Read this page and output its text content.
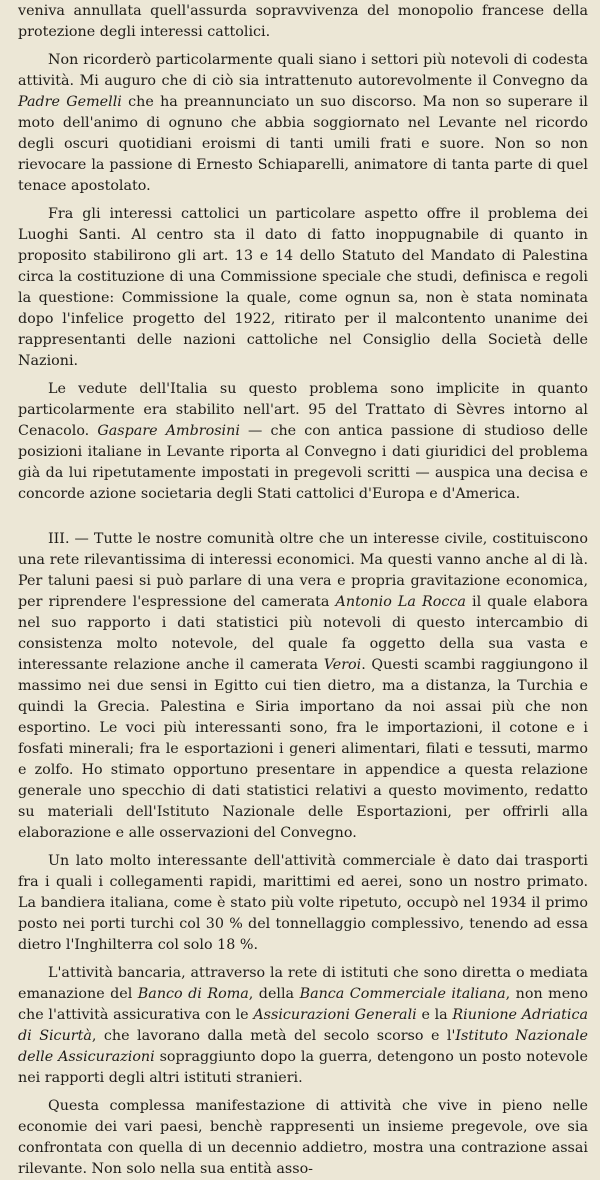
veniva annullata quell'assurda sopravvivenza del monopolio francese della protezione degli interessi cattolici.

Non ricorderò particolarmente quali siano i settori più notevoli di codesta attività. Mi auguro che di ciò sia intrattenuto autorevolmente il Convegno da Padre Gemelli che ha preannunciato un suo discorso. Ma non so superare il moto dell'animo di ognuno che abbia soggiornato nel Levante nel ricordo degli oscuri quotidiani eroismi di tanti umili frati e suore. Non so non rievocare la passione di Ernesto Schiaparelli, animatore di tanta parte di quel tenace apostolato.

Fra gli interessi cattolici un particolare aspetto offre il problema dei Luoghi Santi. Al centro sta il dato di fatto inoppugnabile di quanto in proposito stabilirono gli art. 13 e 14 dello Statuto del Mandato di Palestina circa la costituzione di una Commissione speciale che studi, definisca e regoli la questione: Commissione la quale, come ognun sa, non è stata nominata dopo l'infelice progetto del 1922, ritirato per il malcontento unanime dei rappresentanti delle nazioni cattoliche nel Consiglio della Società delle Nazioni.

Le vedute dell'Italia su questo problema sono implicite in quanto particolarmente era stabilito nell'art. 95 del Trattato di Sèvres intorno al Cenacolo. Gaspare Ambrosini — che con antica passione di studioso delle posizioni italiane in Levante riporta al Convegno i dati giuridici del problema già da lui ripetutamente impostati in pregevoli scritti — auspica una decisa e concorde azione societaria degli Stati cattolici d'Europa e d'America.

III. — Tutte le nostre comunità oltre che un interesse civile, costituiscono una rete rilevantissima di interessi economici. Ma questi vanno anche al di là. Per taluni paesi si può parlare di una vera e propria gravitazione economica, per riprendere l'espressione del camerata Antonio La Rocca il quale elabora nel suo rapporto i dati statistici più notevoli di questo intercambio di consistenza molto notevole, del quale fa oggetto della sua vasta e interessante relazione anche il camerata Veroi. Questi scambi raggiungono il massimo nei due sensi in Egitto cui tien dietro, ma a distanza, la Turchia e quindi la Grecia. Palestina e Siria importano da noi assai più che non esportino. Le voci più interessanti sono, fra le importazioni, il cotone e i fosfati minerali; fra le esportazioni i generi alimentari, filati e tessuti, marmo e zolfo. Ho stimato opportuno presentare in appendice a questa relazione generale uno specchio di dati statistici relativi a questo movimento, redatto su materiali dell'Istituto Nazionale delle Esportazioni, per offrirli alla elaborazione e alle osservazioni del Convegno.

Un lato molto interessante dell'attività commerciale è dato dai trasporti fra i quali i collegamenti rapidi, marittimi ed aerei, sono un nostro primato. La bandiera italiana, come è stato più volte ripetuto, occupò nel 1934 il primo posto nei porti turchi col 30 % del tonnellaggio complessivo, tenendo ad essa dietro l'Inghilterra col solo 18 %.

L'attività bancaria, attraverso la rete di istituti che sono diretta o mediata emanazione del Banco di Roma, della Banca Commerciale italiana, non meno che l'attività assicurativa con le Assicurazioni Generali e la Riunione Adriatica di Sicurtà, che lavorano dalla metà del secolo scorso e l'Istituto Nazionale delle Assicurazioni sopraggiunto dopo la guerra, detengono un posto notevole nei rapporti degli altri istituti stranieri.

Questa complessa manifestazione di attività che vive in pieno nelle economie dei vari paesi, benchè rappresenti un insieme pregevole, ove sia confrontata con quella di un decennio addietro, mostra una contrazione assai rilevante. Non solo nella sua entità asso-
